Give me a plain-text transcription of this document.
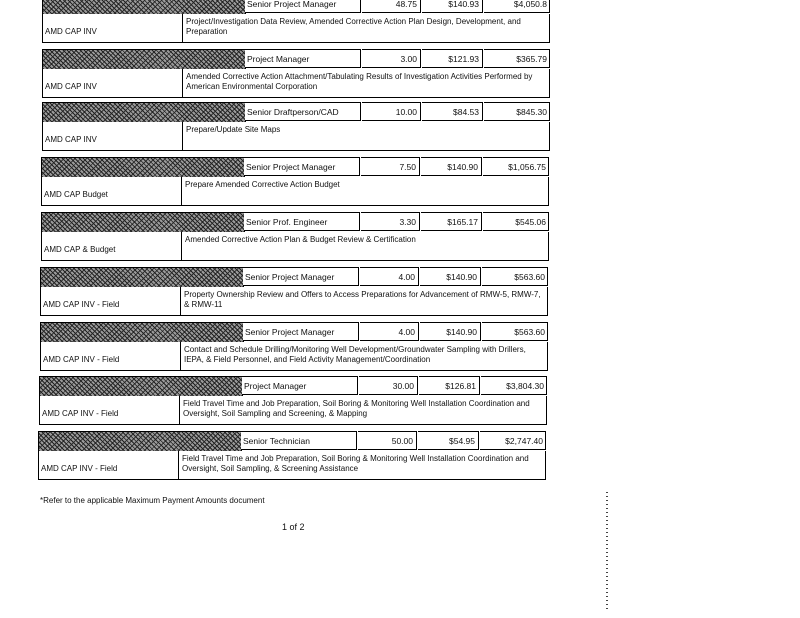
Senior Project Manager	48.75	$140.93	$4,050.8
AMD CAP INV
Project/Investigation Data Review, Amended Corrective Action Plan Design, Development, and Preparation
Project Manager	3.00	$121.93	$365.79
AMD CAP INV
Amended Corrective Action Attachment/Tabulating Results of Investigation Activities Performed by American Environmental Corporation
Senior Draftperson/CAD	10.00	$84.53	$845.30
AMD CAP INV
Prepare/Update Site Maps
Senior Project Manager	7.50	$140.90	$1,056.75
AMD CAP Budget
Prepare Amended Corrective Action Budget
Senior Prof. Engineer	3.30	$165.17	$545.06
AMD CAP & Budget
Amended Corrective Action Plan & Budget Review & Certification
Senior Project Manager	4.00	$140.90	$563.60
AMD CAP INV - Field
Property Ownership Review and Offers to Access Preparations for Advancement of RMW-5, RMW-7, & RMW-11
Senior Project Manager	4.00	$140.90	$563.60
AMD CAP INV - Field
Contact and Schedule Drilling/Monitoring Well Development/Groundwater Sampling with Drillers, IEPA, & Field Personnel, and Field Activity Management/Coordination
Project Manager	30.00	$126.81	$3,804.30
AMD CAP INV - Field
Field Travel Time and Job Preparation, Soil Boring & Monitoring Well Installation Coordination and Oversight, Soil Sampling and Screening, & Mapping
Senior Technician	50.00	$54.95	$2,747.40
AMD CAP INV - Field
Field Travel Time and Job Preparation, Soil Boring & Monitoring Well Installation Coordination and Oversight, Soil Sampling, & Screening Assistance
*Refer to the applicable Maximum Payment Amounts document
1 of 2
